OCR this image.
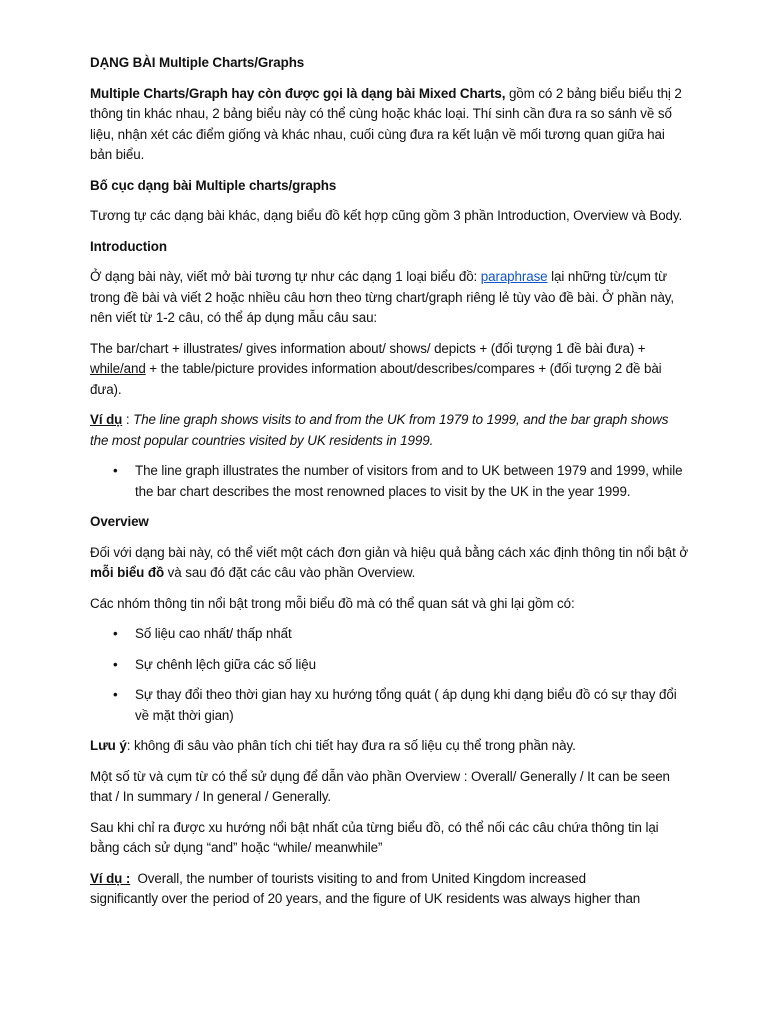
DẠNG BÀI Multiple Charts/Graphs

Multiple Charts/Graph hay còn được gọi là dạng bài Mixed Charts, gồm có 2 bảng biểu biểu thị 2 thông tin khác nhau, 2 bảng biểu này có thể cùng hoặc khác loại. Thí sinh cần đưa ra so sánh về số liệu, nhận xét các điểm giống và khác nhau, cuối cùng đưa ra kết luận về mối tương quan giữa hai bản biểu.

Bố cục dạng bài Multiple charts/graphs

Tương tự các dạng bài khác, dạng biểu đồ kết hợp cũng gồm 3 phần Introduction, Overview và Body.

Introduction

Ở dạng bài này, viết mở bài tương tự như các dạng 1 loại biểu đồ: paraphrase lại những từ/cụm từ trong đề bài và viết 2 hoặc nhiều câu hơn theo từng chart/graph riêng lẻ tùy vào đề bài. Ở phần này, nên viết từ 1-2 câu, có thể áp dụng mẫu câu sau:

The bar/chart + illustrates/ gives information about/ shows/ depicts + (đối tượng 1 đề bài đưa) + while/and + the table/picture provides information about/describes/compares + (đối tượng 2 đề bài đưa).

Ví dụ : The line graph shows visits to and from the UK from 1979 to 1999, and the bar graph shows the most popular countries visited by UK residents in 1999.

• The line graph illustrates the number of visitors from and to UK between 1979 and 1999, while the bar chart describes the most renowned places to visit by the UK in the year 1999.

Overview

Đối với dạng bài này, có thể viết một cách đơn giản và hiệu quả bằng cách xác định thông tin nổi bật ở mỗi biểu đồ và sau đó đặt các câu vào phần Overview.

Các nhóm thông tin nổi bật trong mỗi biểu đồ mà có thể quan sát và ghi lại gồm có:

• Số liệu cao nhất/ thấp nhất
• Sự chênh lệch giữa các số liệu
• Sự thay đổi theo thời gian hay xu hướng tổng quát ( áp dụng khi dạng biểu đồ có sự thay đổi về mặt thời gian)

Lưu ý: không đi sâu vào phân tích chi tiết hay đưa ra số liệu cụ thể trong phần này.

Một số từ và cụm từ có thể sử dụng để dẫn vào phần Overview : Overall/ Generally / It can be seen that / In summary / In general / Generally.

Sau khi chỉ ra được xu hướng nổi bật nhất của từng biểu đồ, có thể nối các câu chứa thông tin lại bằng cách sử dụng “and” hoặc “while/ meanwhile”

Ví dụ :  Overall, the number of tourists visiting to and from United Kingdom increased
significantly over the period of 20 years, and the figure of UK residents was always higher than
